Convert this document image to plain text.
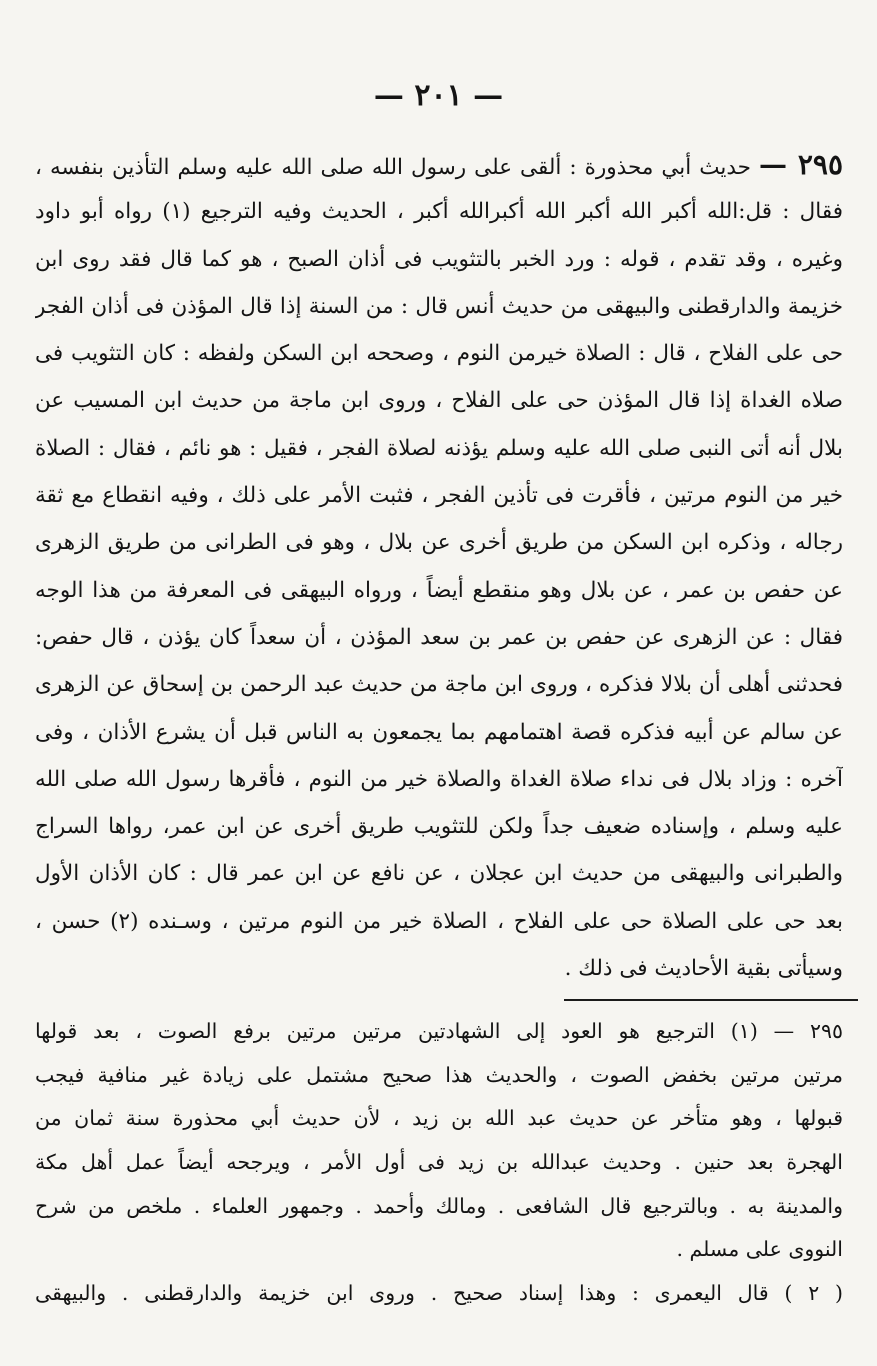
— ٢٠١ —
٢٩٥ — حديث أبي محذورة : ألقى على رسول الله صلى الله عليه وسلم التأذين بنفسه ،
فقال : قل:الله أكبر الله أكبر الله أكبرالله أكبر ، الحديث وفيه الترجيع (١) رواه أبو داود
وغيره ، وقد تقدم ، قوله : ورد الخبر بالتثويب فى أذان الصبح ، هو كما قال فقد روى ابن
خزيمة والدارقطنى والبيهقى من حديث أنس قال : من السنة إذا قال المؤذن فى أذان الفجر
حى على الفلاح ، قال : الصلاة خيرمن النوم ، وصححه ابن السكن ولفظه : كان التثويب فى
صلاه الغداة إذا قال المؤذن حى على الفلاح ، وروى ابن ماجة من حديث ابن المسيب عن
بلال أنه أتى النبى صلى الله عليه وسلم يؤذنه لصلاة الفجر ، فقيل : هو نائم ، فقال : الصلاة
خير من النوم مرتين ، فأقرت فى تأذين الفجر ، فثبت الأمر على ذلك ، وفيه انقطاع مع ثقة
رجاله ، وذكره ابن السكن من طريق أخرى عن بلال ، وهو فى الطرانى من طريق الزهرى
عن حفص بن عمر ، عن بلال وهو منقطع أيضاً ، ورواه البيهقى فى المعرفة من هذا الوجه
فقال : عن الزهرى عن حفص بن عمر بن سعد المؤذن ، أن سعداً كان يؤذن ، قال حفص:
فحدثنى أهلى أن بلالا فذكره ، وروى ابن ماجة من حديث عبد الرحمن بن إسحاق عن الزهرى
عن سالم عن أبيه فذكره قصة اهتمامهم بما يجمعون به الناس قبل أن يشرع الأذان ، وفى
آخره : وزاد بلال فى نداء صلاة الغداة والصلاة خير من النوم ، فأقرها رسول الله صلى الله
عليه وسلم ، وإسناده ضعيف جداً ولكن للتثويب طريق أخرى عن ابن عمر، رواها السراج
والطبرانى والبيهقى من حديث ابن عجلان ، عن نافع عن ابن عمر قال : كان الأذان الأول
بعد حى على الصلاة حى على الفلاح ، الصلاة خير من النوم مرتين ، وسـنده (٢) حسن ،
وسيأتى بقية الأحاديث فى ذلك .
٢٩٥ — (١) الترجيع هو العود إلى الشهادتين مرتين مرتين برفع الصوت ، بعد قولها
مرتين مرتين بخفض الصوت ، والحديث هذا صحيح مشتمل على زيادة غير منافية فيجب
قبولها ، وهو متأخر عن حديث عبد الله بن زيد ، لأن حديث أبي محذورة سنة ثمان من
الهجرة بعد حنين . وحديث عبدالله بن زيد فى أول الأمر ، ويرجحه أيضاً عمل أهل مكة
والمدينة به . وبالترجيع قال الشافعى . ومالك وأحمد . وجمهور العلماء . ملخص من شرح
النووى على مسلم .
( ٢ ) قال اليعمرى : وهذا إسناد صحيح . وروى ابن خزيمة والدارقطنى . والبيهقى
